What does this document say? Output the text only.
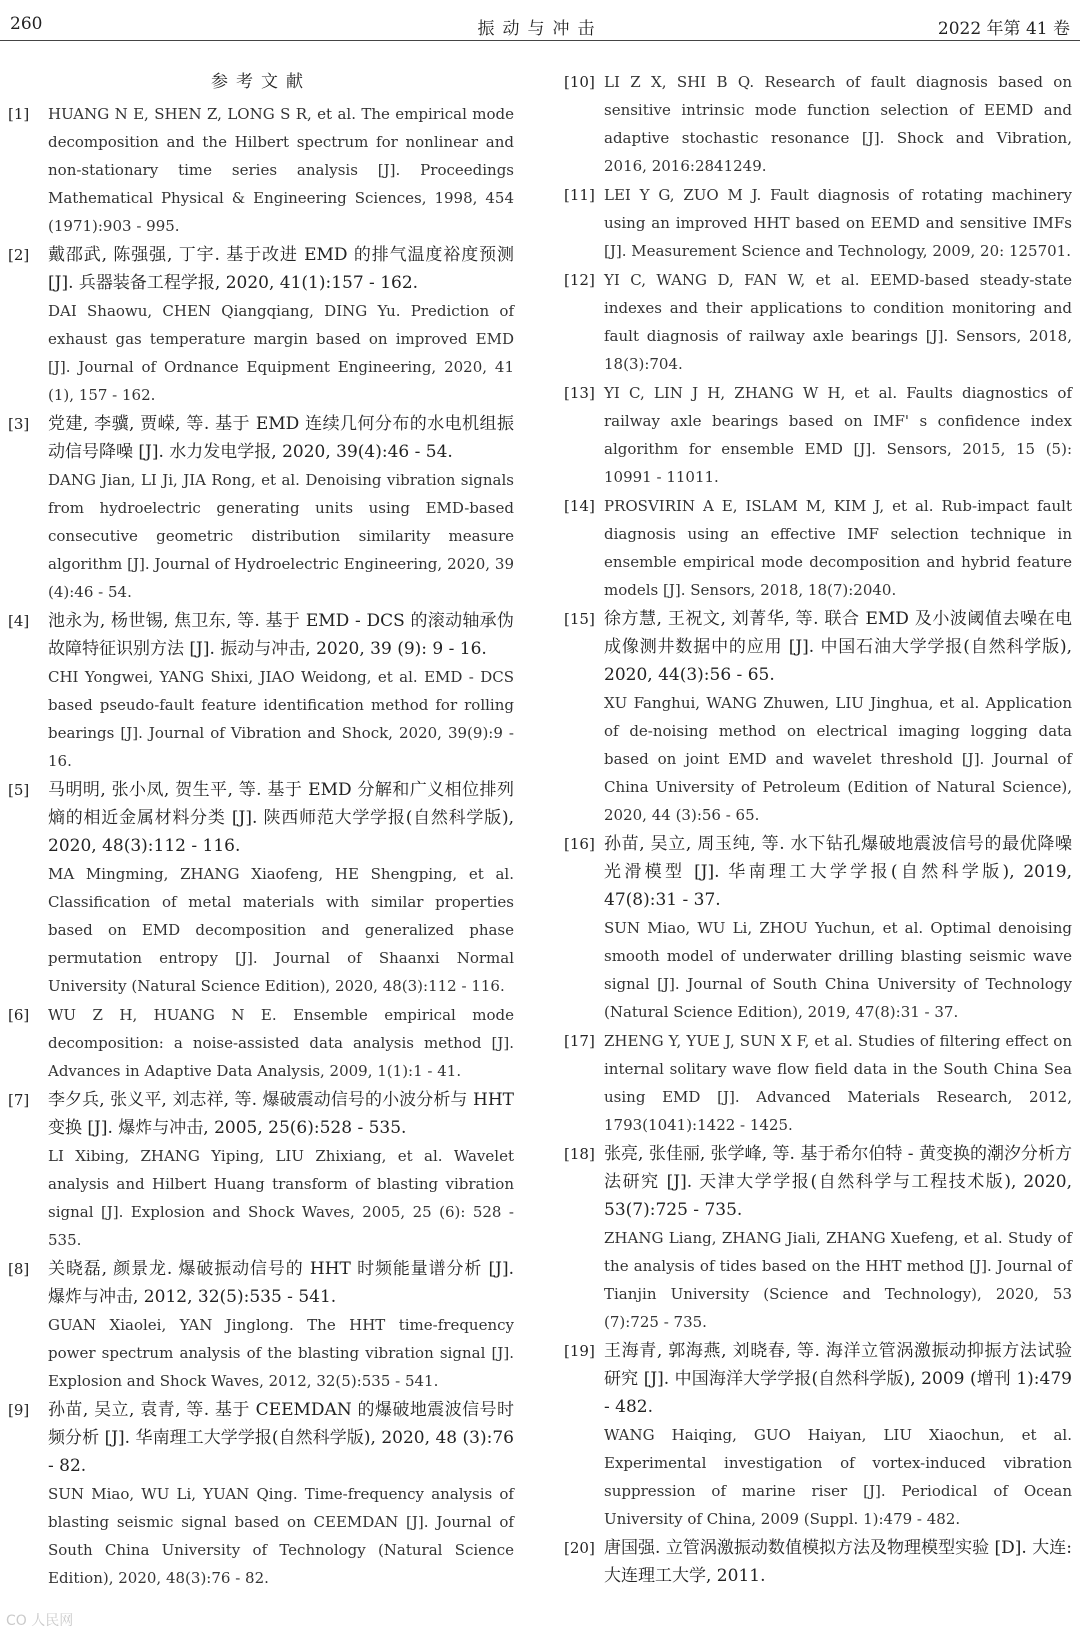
260	振动与冲击	2022 年第 41 卷
参考文献
[1]	HUANG N E, SHEN Z, LONG S R, et al. The empirical mode decomposition and the Hilbert spectrum for nonlinear and non-stationary time series analysis [J]. Proceedings Mathematical Physical & Engineering Sciences, 1998, 454 (1971):903 - 995.
[2]	戴邵武, 陈强强, 丁宇. 基于改进 EMD 的排气温度裕度预测 [J]. 兵器装备工程学报, 2020, 41(1):157 - 162.
DAI Shaowu, CHEN Qiangqiang, DING Yu. Prediction of exhaust gas temperature margin based on improved EMD [J]. Journal of Ordnance Equipment Engineering, 2020, 41 (1), 157 - 162.
[3]	党建, 李骥, 贾嵘, 等. 基于 EMD 连续几何分布的水电机组振动信号降噪 [J]. 水力发电学报, 2020, 39(4):46 - 54.
DANG Jian, LI Ji, JIA Rong, et al. Denoising vibration signals from hydroelectric generating units using EMD-based consecutive geometric distribution similarity measure algorithm [J]. Journal of Hydroelectric Engineering, 2020, 39 (4):46 - 54.
[4]	池永为, 杨世锡, 焦卫东, 等. 基于 EMD - DCS 的滚动轴承伪故障特征识别方法 [J]. 振动与冲击, 2020, 39 (9): 9 - 16.
CHI Yongwei, YANG Shixi, JIAO Weidong, et al. EMD - DCS based pseudo-fault feature identification method for rolling bearings [J]. Journal of Vibration and Shock, 2020, 39(9):9 - 16.
[5]	马明明, 张小凤, 贺生平, 等. 基于 EMD 分解和广义相位排列熵的相近金属材料分类 [J]. 陕西师范大学学报(自然科学版), 2020, 48(3):112 - 116.
MA Mingming, ZHANG Xiaofeng, HE Shengping, et al. Classification of metal materials with similar properties based on EMD decomposition and generalized phase permutation entropy [J]. Journal of Shaanxi Normal University (Natural Science Edition), 2020, 48(3):112 - 116.
[6]	WU Z H, HUANG N E. Ensemble empirical mode decomposition: a noise-assisted data analysis method [J]. Advances in Adaptive Data Analysis, 2009, 1(1):1 - 41.
[7]	李夕兵, 张义平, 刘志祥, 等. 爆破震动信号的小波分析与 HHT 变换 [J]. 爆炸与冲击, 2005, 25(6):528 - 535.
LI Xibing, ZHANG Yiping, LIU Zhixiang, et al. Wavelet analysis and Hilbert Huang transform of blasting vibration signal [J]. Explosion and Shock Waves, 2005, 25 (6): 528 - 535.
[8]	关晓磊, 颜景龙. 爆破振动信号的 HHT 时频能量谱分析 [J]. 爆炸与冲击, 2012, 32(5):535 - 541.
GUAN Xiaolei, YAN Jinglong. The HHT time-frequency power spectrum analysis of the blasting vibration signal [J]. Explosion and Shock Waves, 2012, 32(5):535 - 541.
[9]	孙苗, 吴立, 袁青, 等. 基于 CEEMDAN 的爆破地震波信号时频分析 [J]. 华南理工大学学报(自然科学版), 2020, 48 (3):76 - 82.
SUN Miao, WU Li, YUAN Qing. Time-frequency analysis of blasting seismic signal based on CEEMDAN [J]. Journal of South China University of Technology (Natural Science Edition), 2020, 48(3):76 - 82.
[10] LI Z X, SHI B Q. Research of fault diagnosis based on sensitive intrinsic mode function selection of EEMD and adaptive stochastic resonance [J]. Shock and Vibration, 2016, 2016:2841249.
[11] LEI Y G, ZUO M J. Fault diagnosis of rotating machinery using an improved HHT based on EEMD and sensitive IMFs [J]. Measurement Science and Technology, 2009, 20: 125701.
[12] YI C, WANG D, FAN W, et al. EEMD-based steady-state indexes and their applications to condition monitoring and fault diagnosis of railway axle bearings [J]. Sensors, 2018, 18(3):704.
[13] YI C, LIN J H, ZHANG W H, et al. Faults diagnostics of railway axle bearings based on IMF' s confidence index algorithm for ensemble EMD [J]. Sensors, 2015, 15 (5): 10991 - 11011.
[14] PROSVIRIN A E, ISLAM M, KIM J, et al. Rub-impact fault diagnosis using an effective IMF selection technique in ensemble empirical mode decomposition and hybrid feature models [J]. Sensors, 2018, 18(7):2040.
[15] 徐方慧, 王祝文, 刘菁华, 等. 联合 EMD 及小波阈值去噪在电成像测井数据中的应用 [J]. 中国石油大学学报(自然科学版), 2020, 44(3):56 - 65.
XU Fanghui, WANG Zhuwen, LIU Jinghua, et al. Application of de-noising method on electrical imaging logging data based on joint EMD and wavelet threshold [J]. Journal of China University of Petroleum (Edition of Natural Science), 2020, 44 (3):56 - 65.
[16] 孙苗, 吴立, 周玉纯, 等. 水下钻孔爆破地震波信号的最优降噪光滑模型 [J]. 华南理工大学学报(自然科学版), 2019, 47(8):31 - 37.
SUN Miao, WU Li, ZHOU Yuchun, et al. Optimal denoising smooth model of underwater drilling blasting seismic wave signal [J]. Journal of South China University of Technology (Natural Science Edition), 2019, 47(8):31 - 37.
[17] ZHENG Y, YUE J, SUN X F, et al. Studies of filtering effect on internal solitary wave flow field data in the South China Sea using EMD [J]. Advanced Materials Research, 2012, 1793(1041):1422 - 1425.
[18] 张亮, 张佳丽, 张学峰, 等. 基于希尔伯特 - 黄变换的潮汐分析方法研究 [J]. 天津大学学报(自然科学与工程技术版), 2020, 53(7):725 - 735.
ZHANG Liang, ZHANG Jiali, ZHANG Xuefeng, et al. Study of the analysis of tides based on the HHT method [J]. Journal of Tianjin University (Science and Technology), 2020, 53 (7):725 - 735.
[19] 王海青, 郭海燕, 刘晓春, 等. 海洋立管涡激振动抑振方法试验研究 [J]. 中国海洋大学学报(自然科学版), 2009 (增刊 1):479 - 482.
WANG Haiqing, GUO Haiyan, LIU Xiaochun, et al. Experimental investigation of vortex-induced vibration suppression of marine riser [J]. Periodical of Ocean University of China, 2009 (Suppl. 1):479 - 482.
[20] 唐国强. 立管涡激振动数值模拟方法及物理模型实验 [D]. 大连:大连理工大学, 2011.
CO 人民网
